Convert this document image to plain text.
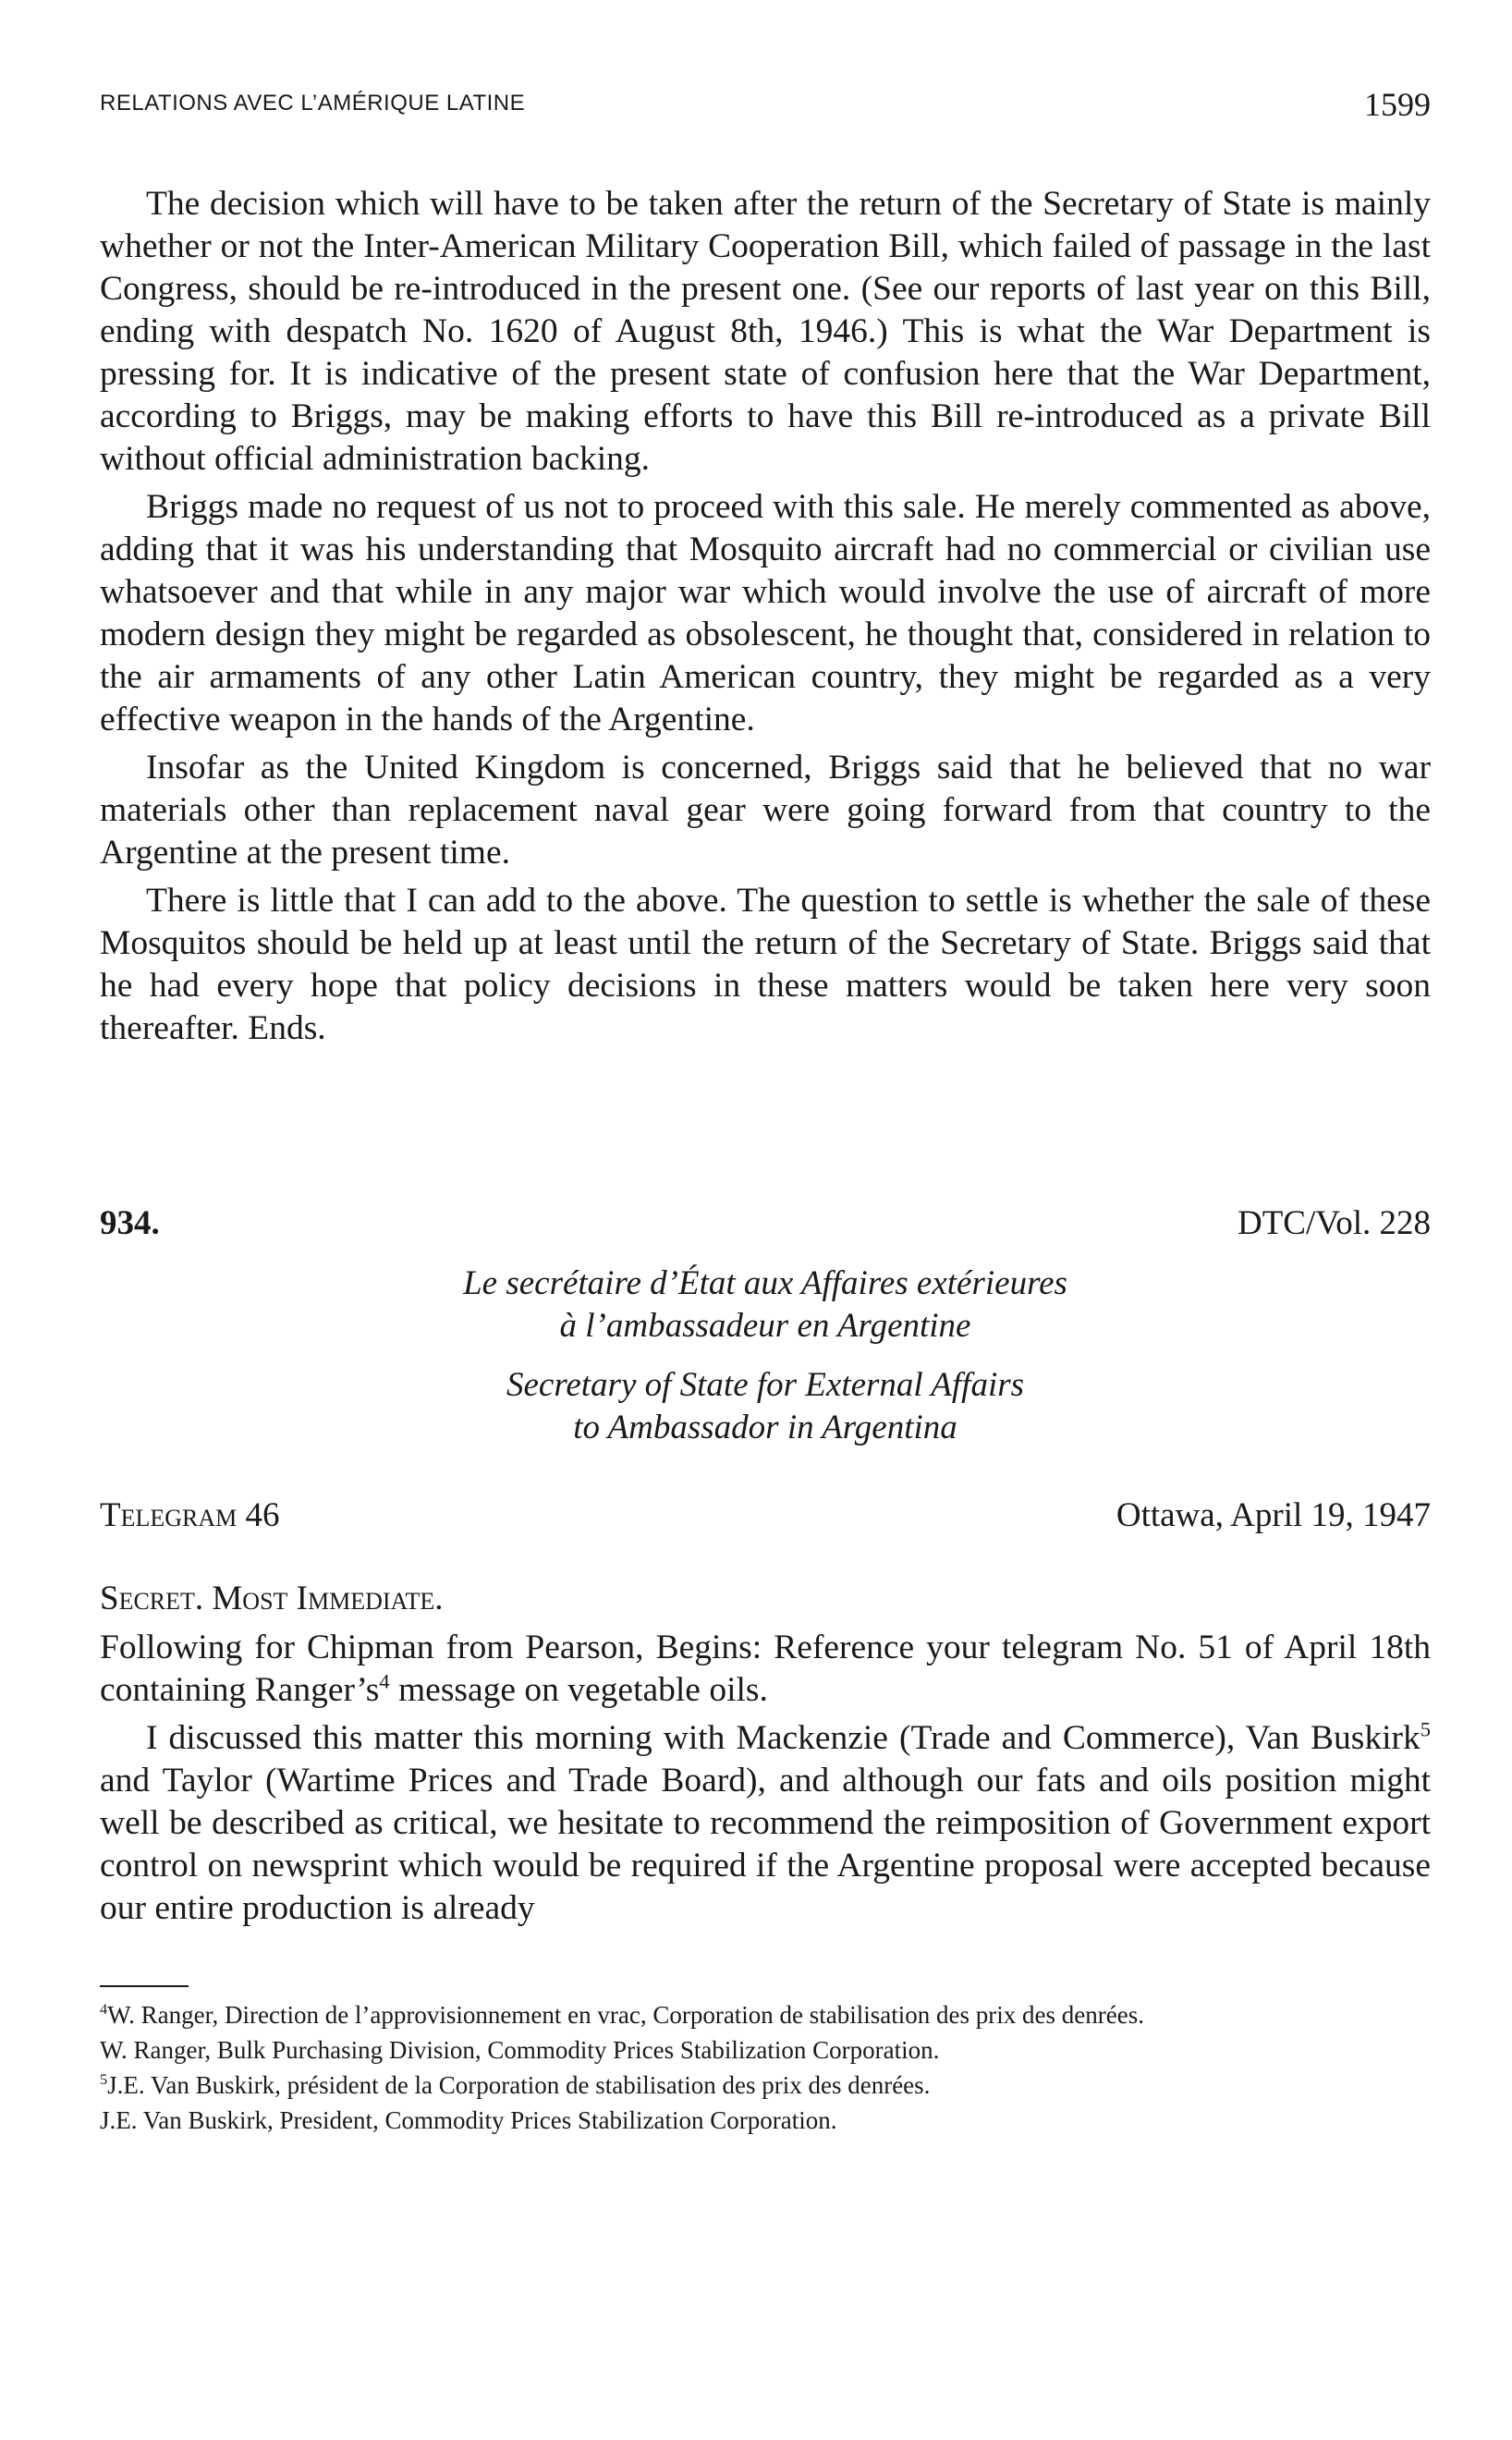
RELATIONS AVEC L’AMÉRIQUE LATINE	1599

The decision which will have to be taken after the return of the Secretary of State is mainly whether or not the Inter-American Military Cooperation Bill, which failed of passage in the last Congress, should be re-introduced in the present one. (See our reports of last year on this Bill, ending with despatch No. 1620 of August 8th, 1946.) This is what the War Department is pressing for. It is indicative of the present state of confusion here that the War Department, according to Briggs, may be making efforts to have this Bill re-introduced as a private Bill without official administration backing.

Briggs made no request of us not to proceed with this sale. He merely commented as above, adding that it was his understanding that Mosquito aircraft had no commercial or civilian use whatsoever and that while in any major war which would involve the use of aircraft of more modern design they might be regarded as obsolescent, he thought that, considered in relation to the air armaments of any other Latin American country, they might be regarded as a very effective weapon in the hands of the Argentine.

Insofar as the United Kingdom is concerned, Briggs said that he believed that no war materials other than replacement naval gear were going forward from that country to the Argentine at the present time.

There is little that I can add to the above. The question to settle is whether the sale of these Mosquitos should be held up at least until the return of the Secretary of State. Briggs said that he had every hope that policy decisions in these matters would be taken here very soon thereafter. Ends.

934.	DTC/Vol. 228
Le secrétaire d’État aux Affaires extérieures
à l’ambassadeur en Argentine
Secretary of State for External Affairs
to Ambassador in Argentina
Telegram 46	Ottawa, April 19, 1947
Secret. Most Immediate.

Following for Chipman from Pearson, Begins: Reference your telegram No. 51 of April 18th containing $Ranger’s^4$ message on vegetable oils.

I discussed this matter this morning with Mackenzie (Trade and Commerce), Van Buskirk$^5$ and Taylor (Wartime Prices and Trade Board), and although our fats and oils position might well be described as critical, we hesitate to recommend the reimposition of Government export control on newsprint which would be required if the Argentine proposal were accepted because our entire production is already

$^4$W. Ranger, Direction de l’approvisionnement en vrac, Corporation de stabilisation des prix des denrées.

W. Ranger, Bulk Purchasing Division, Commodity Prices Stabilization Corporation.

$^5$J.E. Van Buskirk, président de la Corporation de stabilisation des prix des denrées.

J.E. Van Buskirk, President, Commodity Prices Stabilization Corporation.
